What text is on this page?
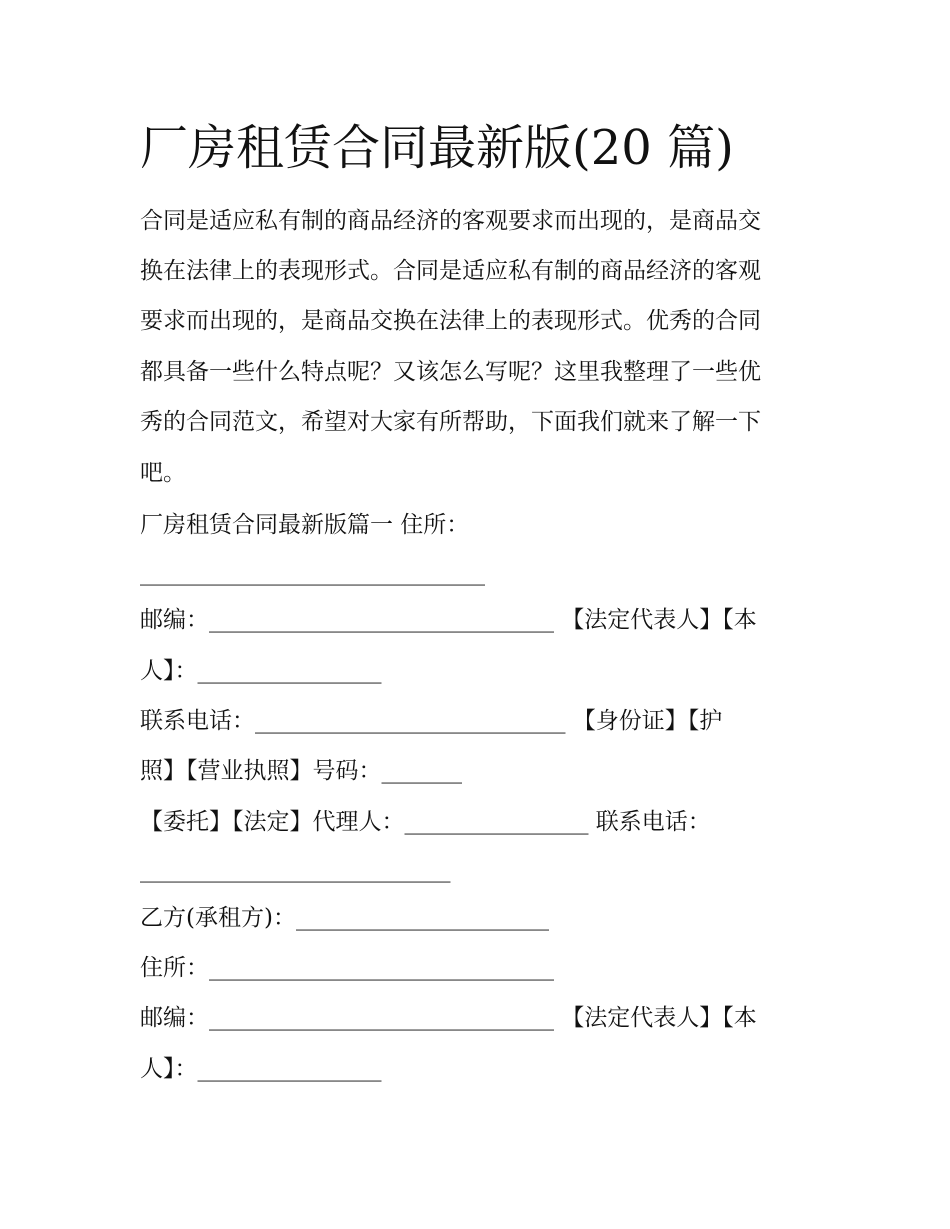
厂房租赁合同最新版(20 篇)

合同是适应私有制的商品经济的客观要求而出现的，是商品交

换在法律上的表现形式。合同是适应私有制的商品经济的客观

要求而出现的，是商品交换在法律上的表现形式。优秀的合同

都具备一些什么特点呢？又该怎么写呢？这里我整理了一些优

秀的合同范文，希望对大家有所帮助，下面我们就来了解一下

吧。

厂房租赁合同最新版篇一 住所：

______________________________

邮编：______________________________ 【法定代表人】【本

人】：________________

联系电话：___________________________ 【身份证】【护

照】【营业执照】号码：_______

【委托】【法定】代理人：________________ 联系电话：

___________________________

乙方(承租方)：______________________

住所：______________________________

邮编：______________________________ 【法定代表人】【本

人】：________________
